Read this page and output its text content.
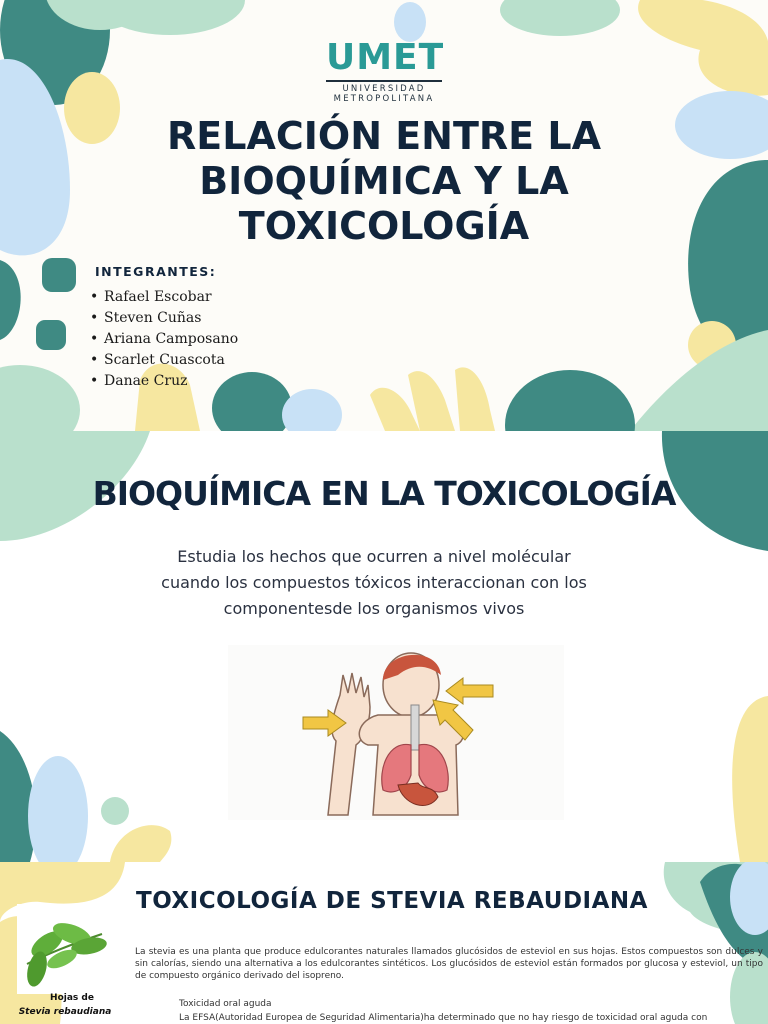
UMET
UNIVERSIDAD
METROPOLITANA
RELACIÓN ENTRE LA BIOQUÍMICA Y LA TOXICOLOGÍA
INTEGRANTES:
• Rafael Escobar
• Steven Cuñas
• Ariana Camposano
• Scarlet Cuascota
• Danae Cruz
BIOQUÍMICA EN LA TOXICOLOGÍA

Estudia los hechos que ocurren a nivel molécular cuando los compuestos tóxicos interaccionan con los componentesde los organismos vivos

TOXICOLOGÍA DE STEVIA REBAUDIANA
Hojas de
Stevia rebaudiana

La stevia es una planta que produce edulcorantes naturales llamados glucósidos de esteviol en sus hojas. Estos compuestos son dulces y sin calorías, siendo una alternativa a los edulcorantes sintéticos. Los glucósidos de esteviol están formados por glucosa y esteviol, un tipo de compuesto orgánico derivado del isopreno.

Toxicidad oral aguda
La EFSA(Autoridad Europea de Seguridad Alimentaria)ha determinado que no hay riesgo de toxicidad oral aguda con
